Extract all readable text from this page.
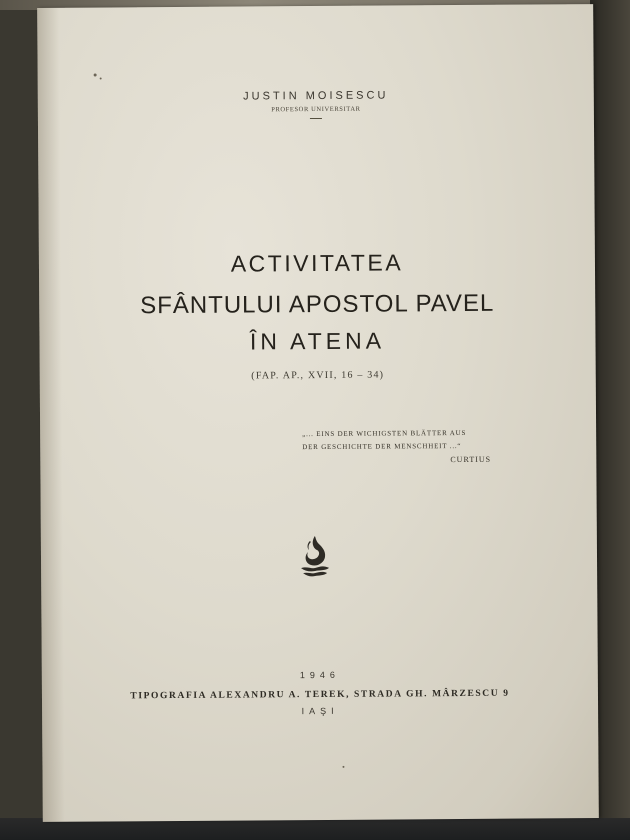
JUSTIN MOISESCU
PROFESOR UNIVERSITAR
ACTIVITATEA
SFÂNTULUI APOSTOL PAVEL
ÎN ATENA
(FAP. AP., XVII, 16 – 34)
„... EINS DER WICHIGSTEN BLÄTTER AUS
DER GESCHICHTE DER MENSCHHEIT ...“
CURTIUS
1946
TIPOGRAFIA ALEXANDRU A. TEREK, STRADA GH. MÂRZESCU 9
IAŞI
